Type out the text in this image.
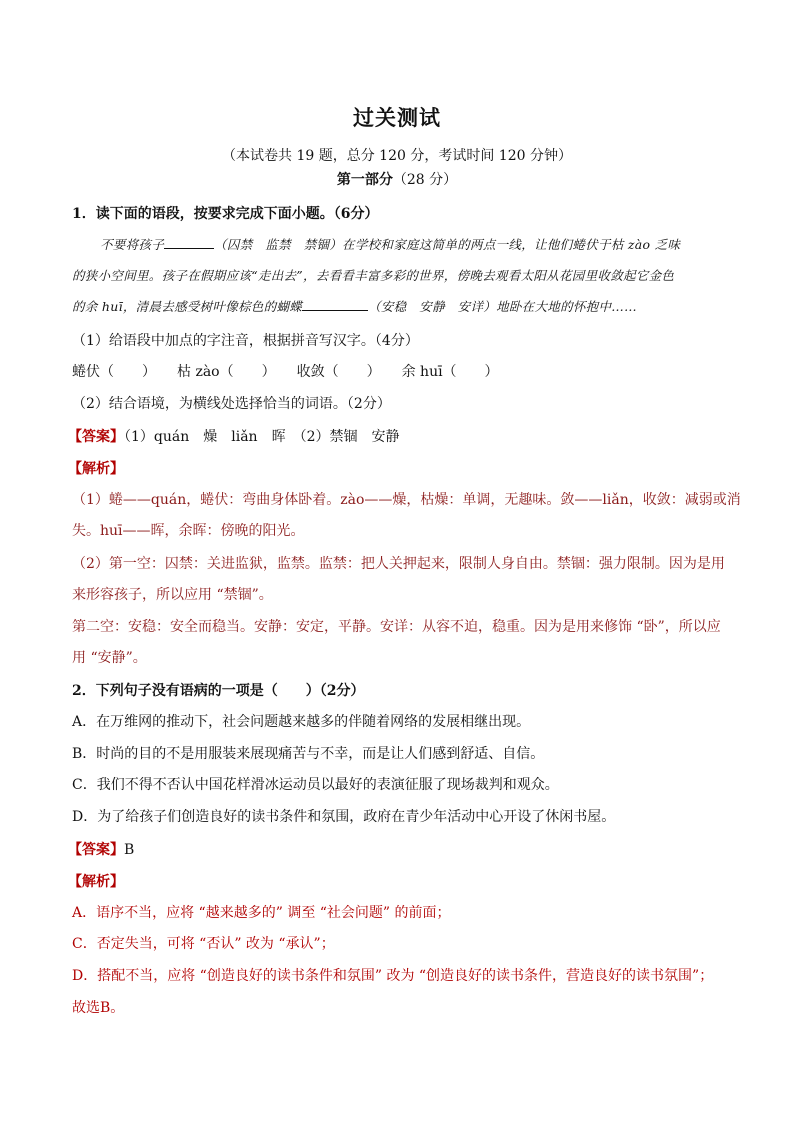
过关测试
（本试卷共 19 题，总分 120 分，考试时间 120 分钟）
第一部分（28 分）
1．读下面的语段，按要求完成下面小题。（6分）
不要将孩子	（囚禁　监禁　禁锢）在学校和家庭这简单的两点一线，让他们蜷伏于枯 zào 乏味
的狭小空间里。孩子在假期应该“走出去”，去看看丰富多彩的世界，傍晚去观看太阳从花园里收敛起它金色
的余 huī，清晨去感受树叶像棕色的蝴蝶	（安稳　安静　安详）地卧在大地的怀抱中……
（1）给语段中加点的字注音，根据拼音写汉字。（4分）
蜷伏（　　）　　枯 zào（　　）　　收敛（　　）　　余 huī（　　）
（2）结合语境，为横线处选择恰当的词语。（2分）
【答案】（1）quán　燥　liǎn　晖　（2）禁锢　安静
【解析】
（1）蜷——quán，蜷伏：弯曲身体卧着。zào——燥，枯燥：单调，无趣味。敛——liǎn，收敛：减弱或消
失。huī——晖，余晖：傍晚的阳光。
（2）第一空：囚禁：关进监狱，监禁。监禁：把人关押起来，限制人身自由。禁锢：强力限制。因为是用
来形容孩子，所以应用 “禁锢”。
第二空：安稳：安全而稳当。安静：安定，平静。安详：从容不迫，稳重。因为是用来修饰 “卧”，所以应
用 “安静”。
2．下列句子没有语病的一项是（　　）（2分）
A．在万维网的推动下，社会问题越来越多的伴随着网络的发展相继出现。
B．时尚的目的不是用服装来展现痛苦与不幸，而是让人们感到舒适、自信。
C．我们不得不否认中国花样滑冰运动员以最好的表演征服了现场裁判和观众。
D．为了给孩子们创造良好的读书条件和氛围，政府在青少年活动中心开设了休闲书屋。
【答案】B
【解析】
A．语序不当，应将 “越来越多的” 调至 “社会问题” 的前面；
C．否定失当，可将 “否认” 改为 “承认”；
D．搭配不当，应将 “创造良好的读书条件和氛围” 改为 “创造良好的读书条件，营造良好的读书氛围”；
故选B。
